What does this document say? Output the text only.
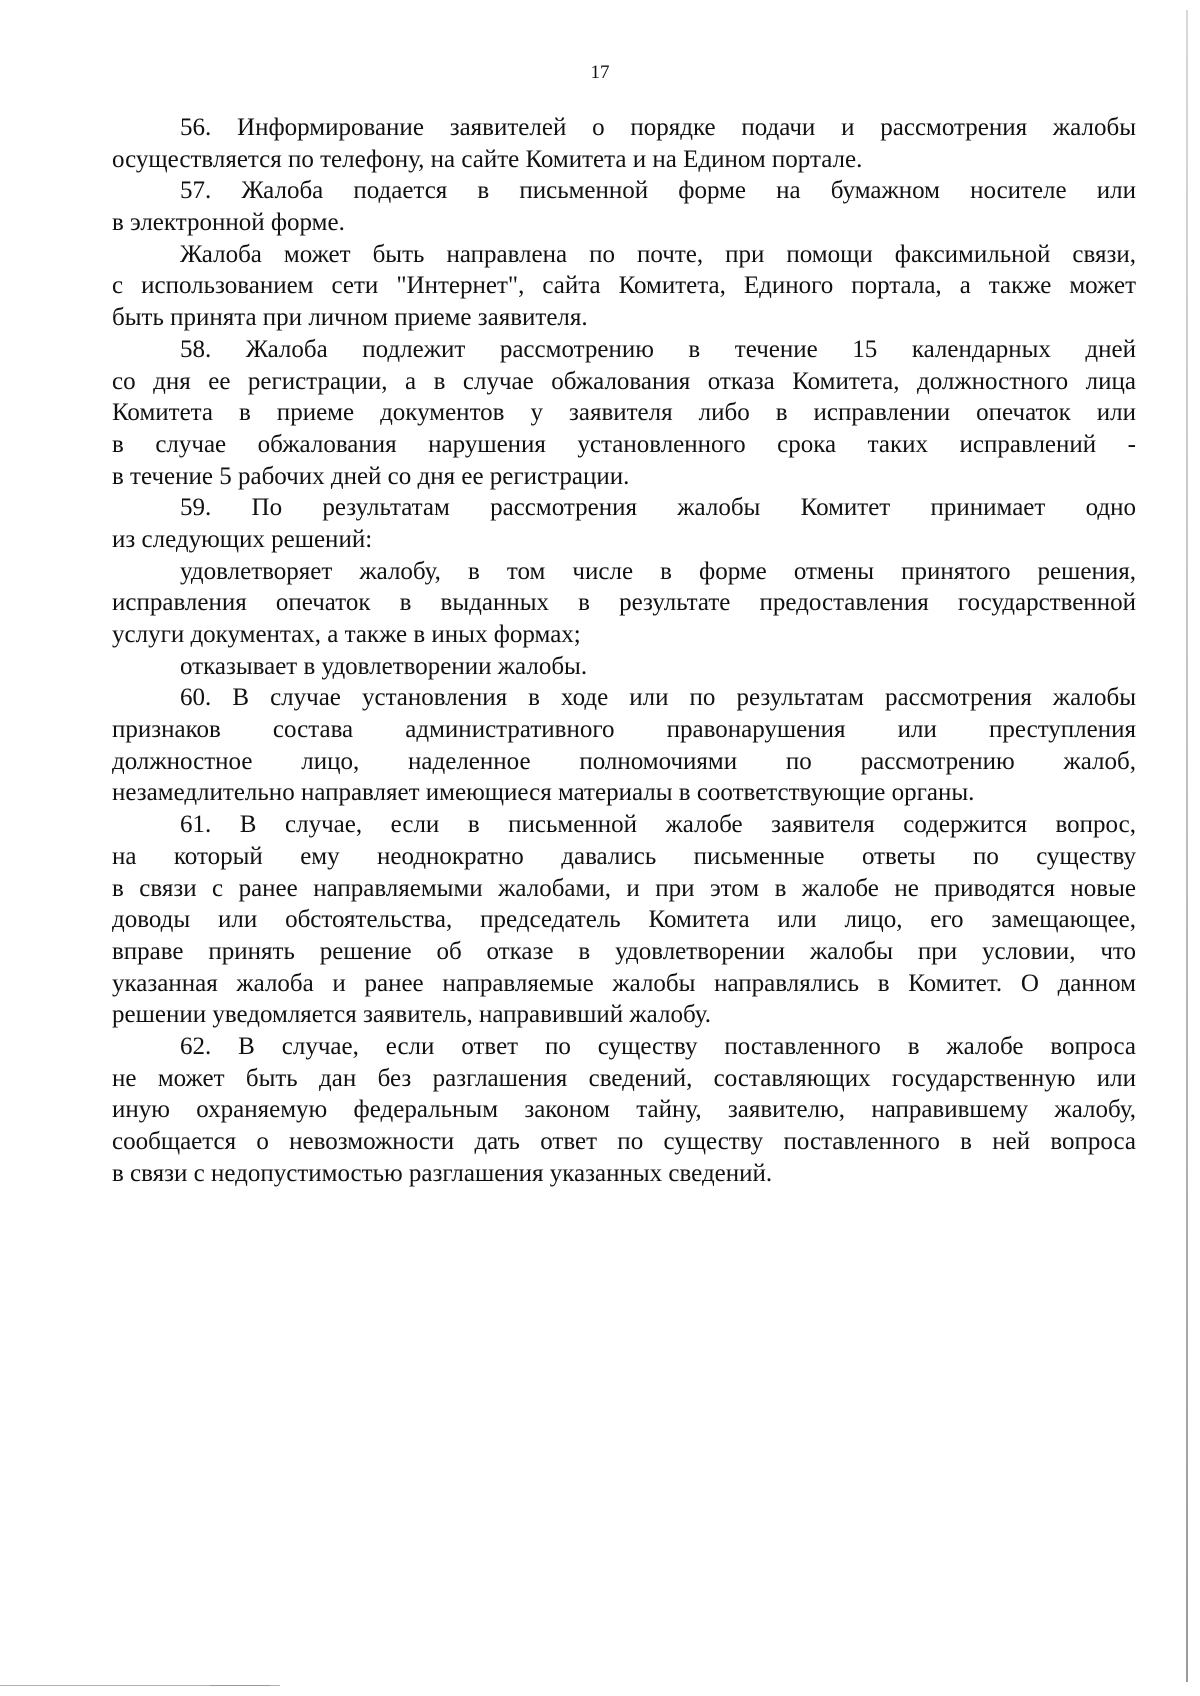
17
56. Информирование заявителей о порядке подачи и рассмотрения жалобы
осуществляется по телефону, на сайте Комитета и на Едином портале.
57. Жалоба подается в письменной форме на бумажном носителе или
в электронной форме.
Жалоба может быть направлена по почте, при помощи факсимильной связи,
с использованием сети "Интернет", сайта Комитета, Единого портала, а также может
быть принята при личном приеме заявителя.
58. Жалоба подлежит рассмотрению в течение 15 календарных дней
со дня ее регистрации, а в случае обжалования отказа Комитета, должностного лица
Комитета в приеме документов у заявителя либо в исправлении опечаток или
в случае обжалования нарушения установленного срока таких исправлений -
в течение 5 рабочих дней со дня ее регистрации.
59. По результатам рассмотрения жалобы Комитет принимает одно
из следующих решений:
удовлетворяет жалобу, в том числе в форме отмены принятого решения,
исправления опечаток в выданных в результате предоставления государственной
услуги документах, а также в иных формах;
отказывает в удовлетворении жалобы.
60. В случае установления в ходе или по результатам рассмотрения жалобы
признаков состава административного правонарушения или преступления
должностное лицо, наделенное полномочиями по рассмотрению жалоб,
незамедлительно направляет имеющиеся материалы в соответствующие органы.
61. В случае, если в письменной жалобе заявителя содержится вопрос,
на который ему неоднократно давались письменные ответы по существу
в связи с ранее направляемыми жалобами, и при этом в жалобе не приводятся новые
доводы или обстоятельства, председатель Комитета или лицо, его замещающее,
вправе принять решение об отказе в удовлетворении жалобы при условии, что
указанная жалоба и ранее направляемые жалобы направлялись в Комитет. О данном
решении уведомляется заявитель, направивший жалобу.
62. В случае, если ответ по существу поставленного в жалобе вопроса
не может быть дан без разглашения сведений, составляющих государственную или
иную охраняемую федеральным законом тайну, заявителю, направившему жалобу,
сообщается о невозможности дать ответ по существу поставленного в ней вопроса
в связи с недопустимостью разглашения указанных сведений.
